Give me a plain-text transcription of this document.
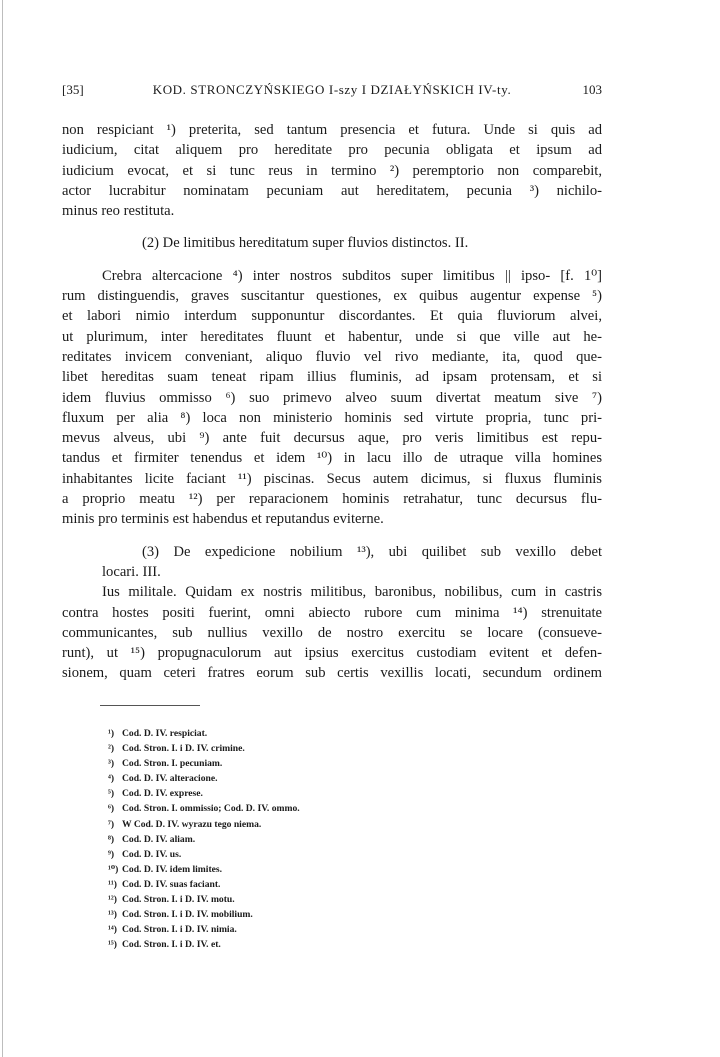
[35]	KOD. STRONCZYŃSKIEGO I-szy I DZIAŁYŃSKICH IV-ty.	103
non respiciant ¹) preterita, sed tantum presencia et futura. Unde si quis ad
iudicium, citat aliquem pro hereditate pro pecunia obligata et ipsum ad
iudicium evocat, et si tunc reus in termino ²) peremptorio non comparebit,
actor lucrabitur nominatam pecuniam aut hereditatem, pecunia ³) nichilo-
minus reo restituta.
(2) De limitibus hereditatum super fluvios distinctos. II.
Crebra altercacione ⁴) inter nostros subditos super limitibus || ipso- [f. 1⁰]
rum distinguendis, graves suscitantur questiones, ex quibus augentur expense ⁵)
et labori nimio interdum supponuntur discordantes. Et quia fluviorum alvei,
ut plurimum, inter hereditates fluunt et habentur, unde si que ville aut he-
reditates invicem conveniant, aliquo fluvio vel rivo mediante, ita, quod que-
libet hereditas suam teneat ripam illius fluminis, ad ipsam protensam, et si
idem fluvius ommisso ⁶) suo primevo alveo suum divertat meatum sive ⁷)
fluxum per alia ⁸) loca non ministerio hominis sed virtute propria, tunc pri-
mevus alveus, ubi ⁹) ante fuit decursus aque, pro veris limitibus est repu-
tandus et firmiter tenendus et idem ¹⁰) in lacu illo de utraque villa homines
inhabitantes licite faciant ¹¹) piscinas. Secus autem dicimus, si fluxus fluminis
a proprio meatu ¹²) per reparacionem hominis retrahatur, tunc decursus flu-
minis pro terminis est habendus et reputandus eviterne.
(3) De expedicione nobilium ¹³), ubi quilibet sub vexillo debet
locari. III.
Ius militale. Quidam ex nostris militibus, baronibus, nobilibus, cum in castris
contra hostes positi fuerint, omni abiecto rubore cum minima ¹⁴) strenuitate
communicantes, sub nullius vexillo de nostro exercitu se locare (consueve-
runt), ut ¹⁵) propugnaculorum aut ipsius exercitus custodiam evitent et defen-
sionem, quam ceteri fratres eorum sub certis vexillis locati, secundum ordinem
¹) Cod. D. IV. respiciat.
²) Cod. Stron. I. i D. IV. crimine.
³) Cod. Stron. I. pecuniam.
⁴) Cod. D. IV. alteracione.
⁵) Cod. D. IV. exprese.
⁶) Cod. Stron. I. ommissio; Cod. D. IV. ommo.
⁷) W Cod. D. IV. wyrazu tego niema.
⁸) Cod. D. IV. aliam.
⁹) Cod. D. IV. us.
¹⁰) Cod. D. IV. idem limites.
¹¹) Cod. D. IV. suas faciant.
¹²) Cod. Stron. I. i D. IV. motu.
¹³) Cod. Stron. I. i D. IV. mobilium.
¹⁴) Cod. Stron. I. i D. IV. nimia.
¹⁵) Cod. Stron. I. i D. IV. et.
